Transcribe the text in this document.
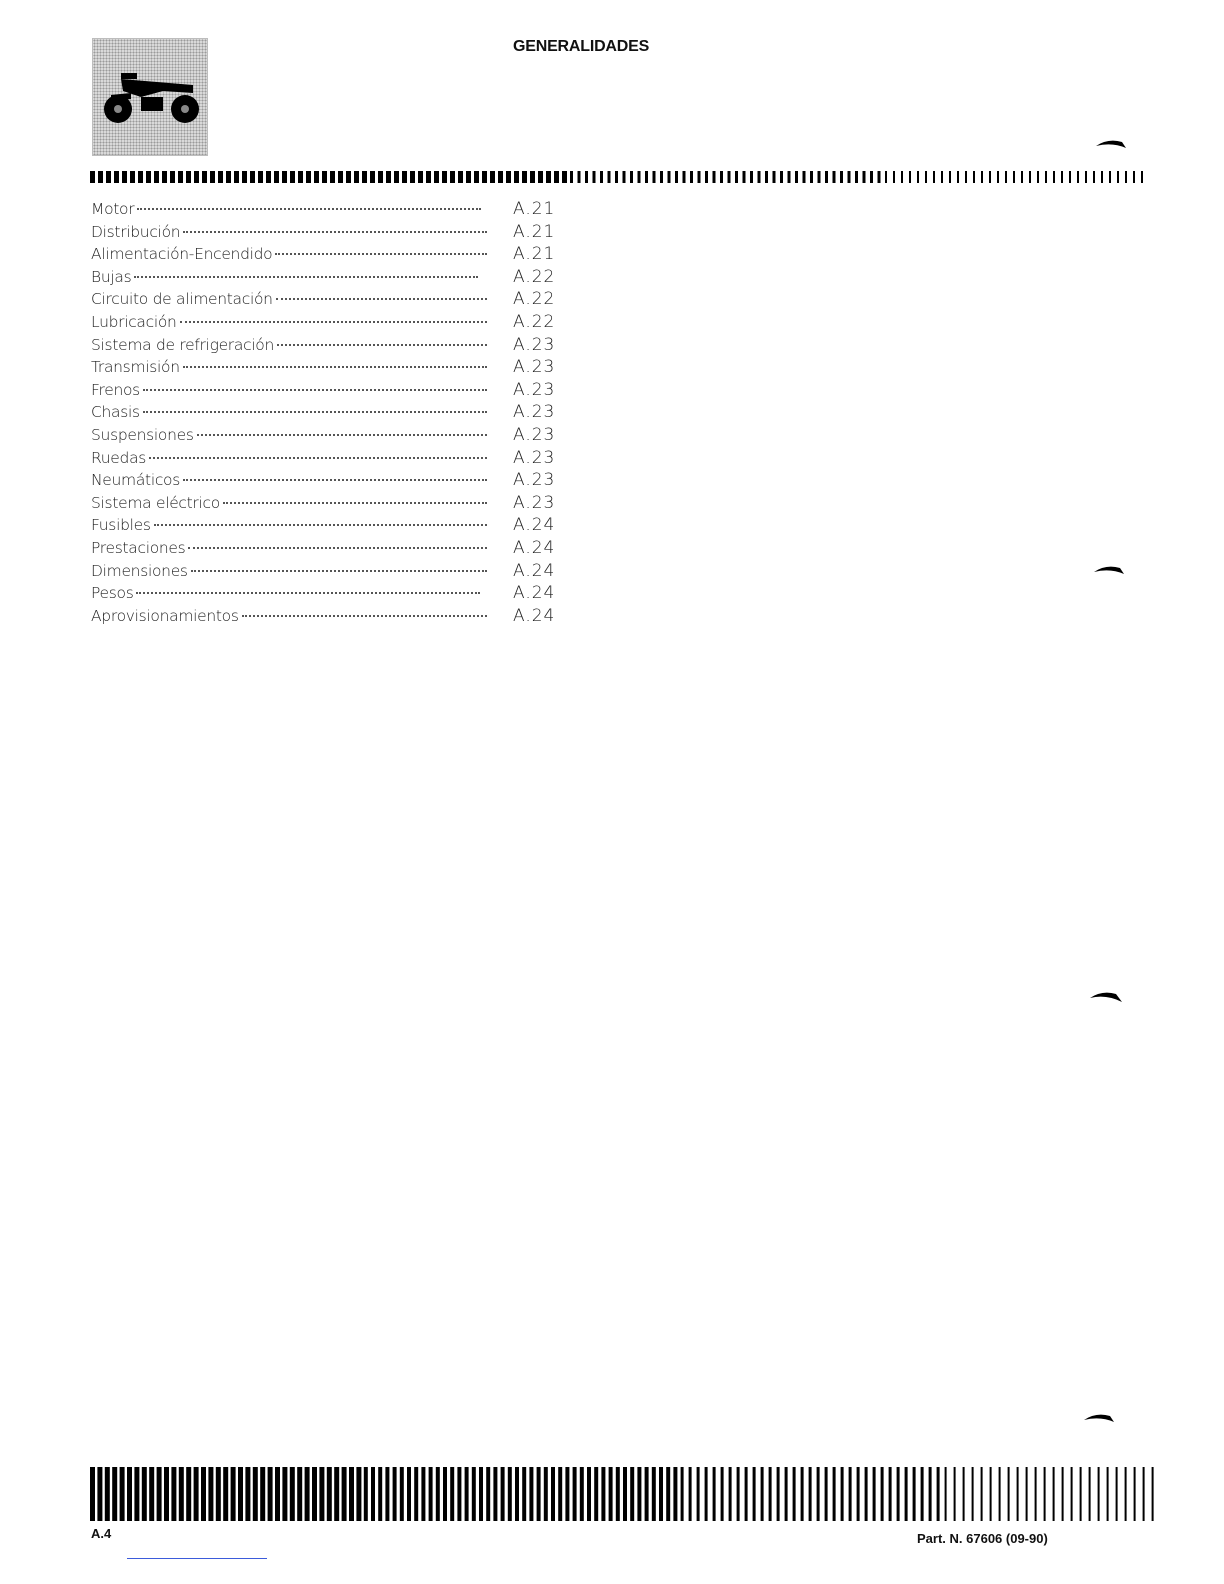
GENERALIDADES
Motor	A.21
Distribución	A.21
Alimentación-Encendido	A.21
Bujas	A.22
Circuito de alimentación	A.22
Lubricación	A.22
Sistema de refrigeración	A.23
Transmisión	A.23
Frenos	A.23
Chasis	A.23
Suspensiones	A.23
Ruedas	A.23
Neumáticos	A.23
Sistema eléctrico	A.23
Fusibles	A.24
Prestaciones	A.24
Dimensiones	A.24
Pesos	A.24
Aprovisionamientos	A.24
A.4	Part. N. 67606 (09-90)
